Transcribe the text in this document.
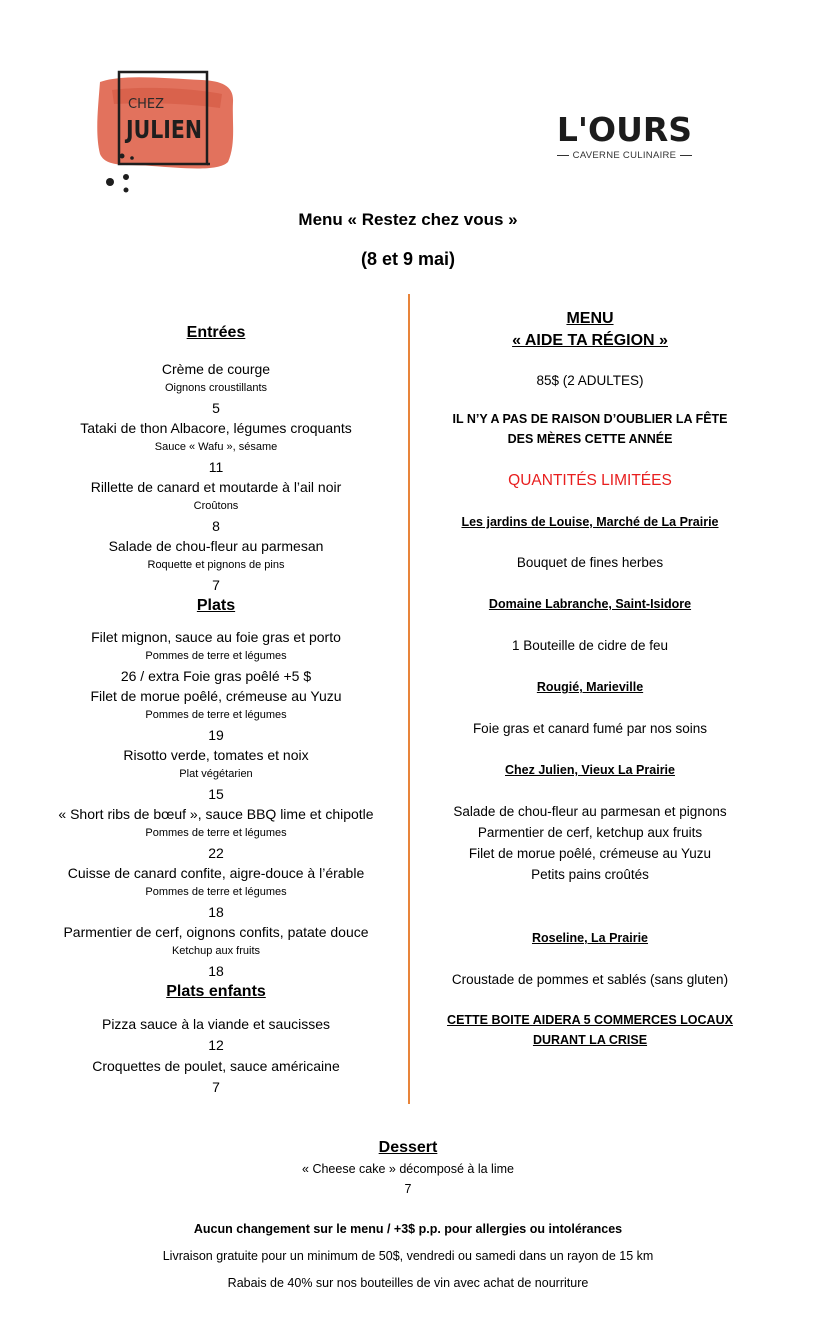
CHEZ
JULIEN	L'OURS
CAVERNE CULINAIRE
Menu « Restez chez vous »
(8 et 9 mai)
Entrées
Crème de courge
Oignons croustillants
5
Tataki de thon Albacore, légumes croquants
Sauce « Wafu », sésame
11
Rillette de canard et moutarde à l’ail noir
Croûtons
8
Salade de chou-fleur au parmesan
Roquette et pignons de pins
7
Plats
Filet mignon, sauce au foie gras et porto
Pommes de terre et légumes
26 / extra Foie gras poêlé +5 $
Filet de morue poêlé, crémeuse au Yuzu
Pommes de terre et légumes
19
Risotto verde, tomates et noix
Plat végétarien
15
« Short ribs de bœuf », sauce BBQ lime et chipotle
Pommes de terre et légumes
22
Cuisse de canard confite, aigre-douce à l’érable
Pommes de terre et légumes
18
Parmentier de cerf, oignons confits, patate douce
Ketchup aux fruits
18
Plats enfants
Pizza sauce à la viande et saucisses
12
Croquettes de poulet, sauce américaine
7
MENU
« AIDE TA RÉGION »
85$ (2 ADULTES)
IL N’Y A PAS DE RAISON D’OUBLIER LA FÊTE
DES MÈRES CETTE ANNÉE
QUANTITÉS LIMITÉES
Les jardins de Louise, Marché de La Prairie
Bouquet de fines herbes
Domaine Labranche, Saint-Isidore
1 Bouteille de cidre de feu
Rougié, Marieville
Foie gras et canard fumé par nos soins
Chez Julien, Vieux La Prairie
Salade de chou-fleur au parmesan et pignons
Parmentier de cerf, ketchup aux fruits
Filet de morue poêlé, crémeuse au Yuzu
Petits pains croûtés
Roseline, La Prairie
Croustade de pommes et sablés (sans gluten)
CETTE BOITE AIDERA 5 COMMERCES LOCAUX
DURANT LA CRISE
Dessert
« Cheese cake » décomposé à la lime
7
Aucun changement sur le menu / +3$ p.p. pour allergies ou intolérances
Livraison gratuite pour un minimum de 50$, vendredi ou samedi dans un rayon de 15 km
Rabais de 40% sur nos bouteilles de vin avec achat de nourriture
